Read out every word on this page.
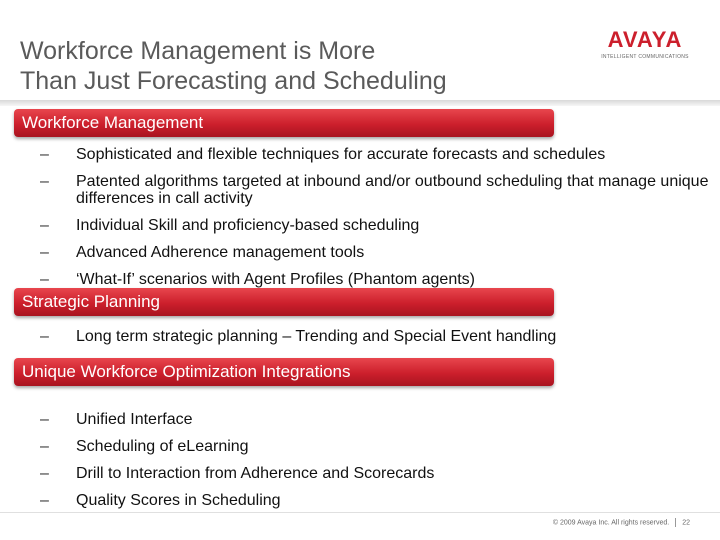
Workforce Management is More
Than Just Forecasting and Scheduling
AVAYA
INTELLIGENT COMMUNICATIONS
Workforce Management
– Sophisticated and flexible techniques for accurate forecasts and schedules
– Patented algorithms targeted at inbound and/or outbound scheduling that manage unique differences in call activity
– Individual Skill and proficiency-based scheduling
– Advanced Adherence management tools
– ‘What-If’ scenarios with Agent Profiles (Phantom agents)
Strategic Planning
– Long term strategic planning – Trending and Special Event handling
Unique Workforce Optimization Integrations
– Unified Interface
– Scheduling of eLearning
– Drill to Interaction from Adherence and Scorecards
– Quality Scores in Scheduling
© 2009 Avaya Inc. All rights reserved. 22
